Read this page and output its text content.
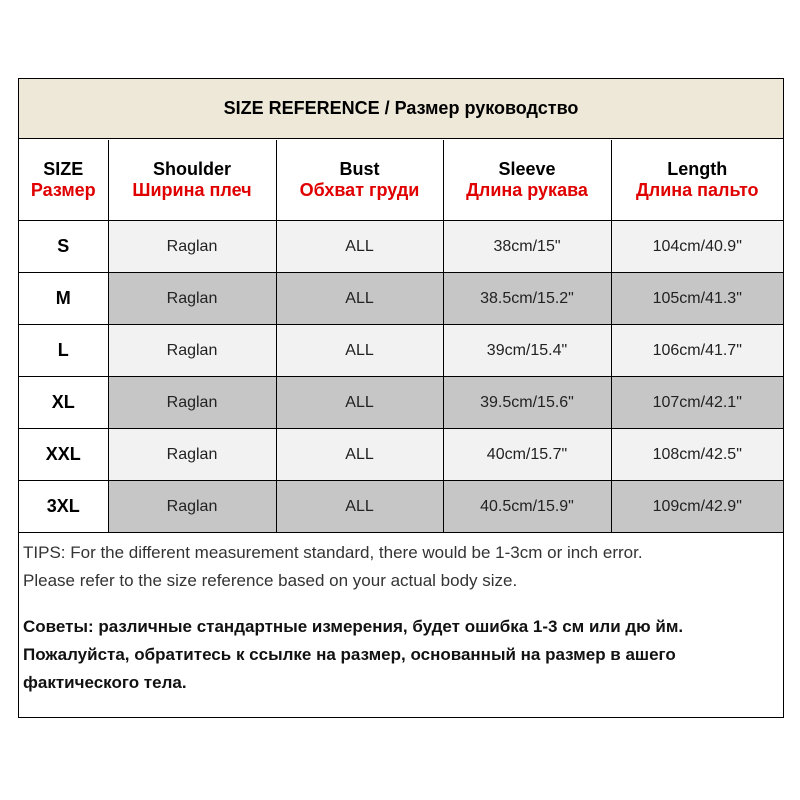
SIZE REFERENCE / Размер руководство
SIZE	Shoulder	Bust	Sleeve	Length
Размер	Ширина плеч	Обхват груди	Длина рукава	Длина пальто
S	Raglan	ALL	38cm/15"	104cm/40.9"
M	Raglan	ALL	38.5cm/15.2"	105cm/41.3"
L	Raglan	ALL	39cm/15.4"	106cm/41.7"
XL	Raglan	ALL	39.5cm/15.6"	107cm/42.1"
XXL	Raglan	ALL	40cm/15.7"	108cm/42.5"
3XL	Raglan	ALL	40.5cm/15.9"	109cm/42.9"

TIPS: For the different measurement standard, there would be 1-3cm or inch error.

Please refer to the size reference based on your actual body size.

Советы: различные стандартные измерения, будет ошибка 1-3 см или дю йм. Пожалуйста, обратитесь к ссылке на размер, основанный на размер в ашего фактического тела.
